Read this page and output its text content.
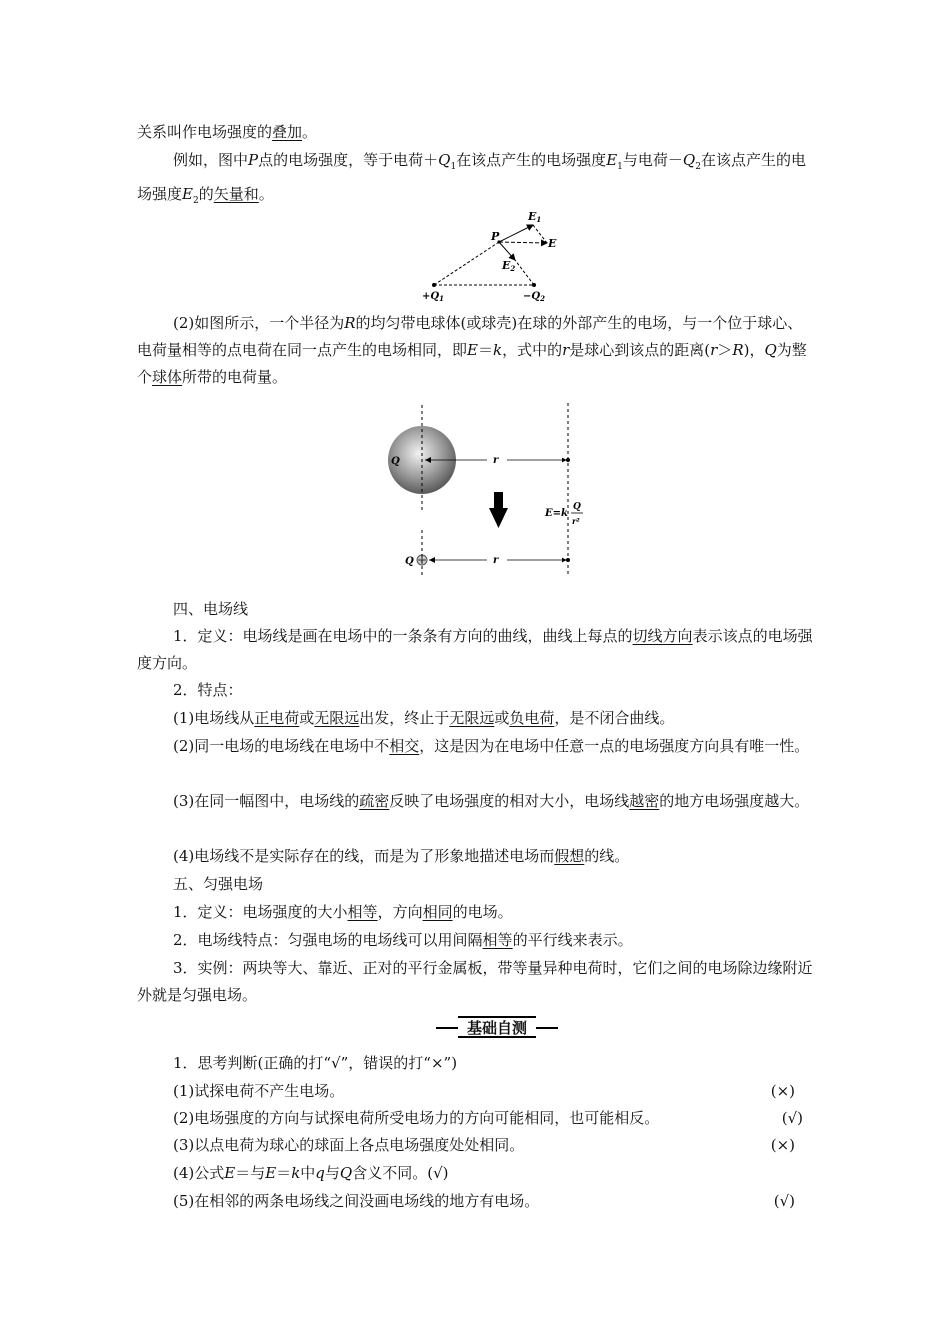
关系叫作电场强度的叠加。

例如，图中P点的电场强度，等于电荷$+Q_1$在该点产生的电场强度$E_1$与电荷$-Q_2$在该点产生的电场强度$E_2$的矢量和。

E1
P
E
E2
$+Q_1$	$-Q_2$

(2)如图所示，一个半径为R的均匀带电球体(或球壳)在球的外部产生的电场，与一个位于球心、电荷量相等的点电荷在同一点产生的电场相同，即E＝k，式中的r是球心到该点的距离(r＞R)，Q为整个球体所带的电荷量。

Q	r
E=k
Q
r²
Q	r

四、电场线

1．定义：电场线是画在电场中的一条条有方向的曲线，曲线上每点的切线方向表示该点的电场强度方向。

2．特点：

(1)电场线从正电荷或无限远出发，终止于无限远或负电荷，是不闭合曲线。

(2)同一电场的电场线在电场中不相交，这是因为在电场中任意一点的电场强度方向具有唯一性。

(3)在同一幅图中，电场线的疏密反映了电场强度的相对大小，电场线越密的地方电场强度越大。

(4)电场线不是实际存在的线，而是为了形象地描述电场而假想的线。

五、匀强电场

1．定义：电场强度的大小相等，方向相同的电场。

2．电场线特点：匀强电场的电场线可以用间隔相等的平行线来表示。

3．实例：两块等大、靠近、正对的平行金属板，带等量异种电荷时，它们之间的电场除边缘附近外就是匀强电场。

基础自测

1．思考判断(正确的打“√”，错误的打“×”)

(1)试探电荷不产生电场。	(×)
(2)电场强度的方向与试探电荷所受电场力的方向可能相同，也可能相反。	(√)
(3)以点电荷为球心的球面上各点电场强度处处相同。	(×)
(4)公式E＝与E＝k中q与Q含义不同。(√)
(5)在相邻的两条电场线之间没画电场线的地方有电场。	(√)
